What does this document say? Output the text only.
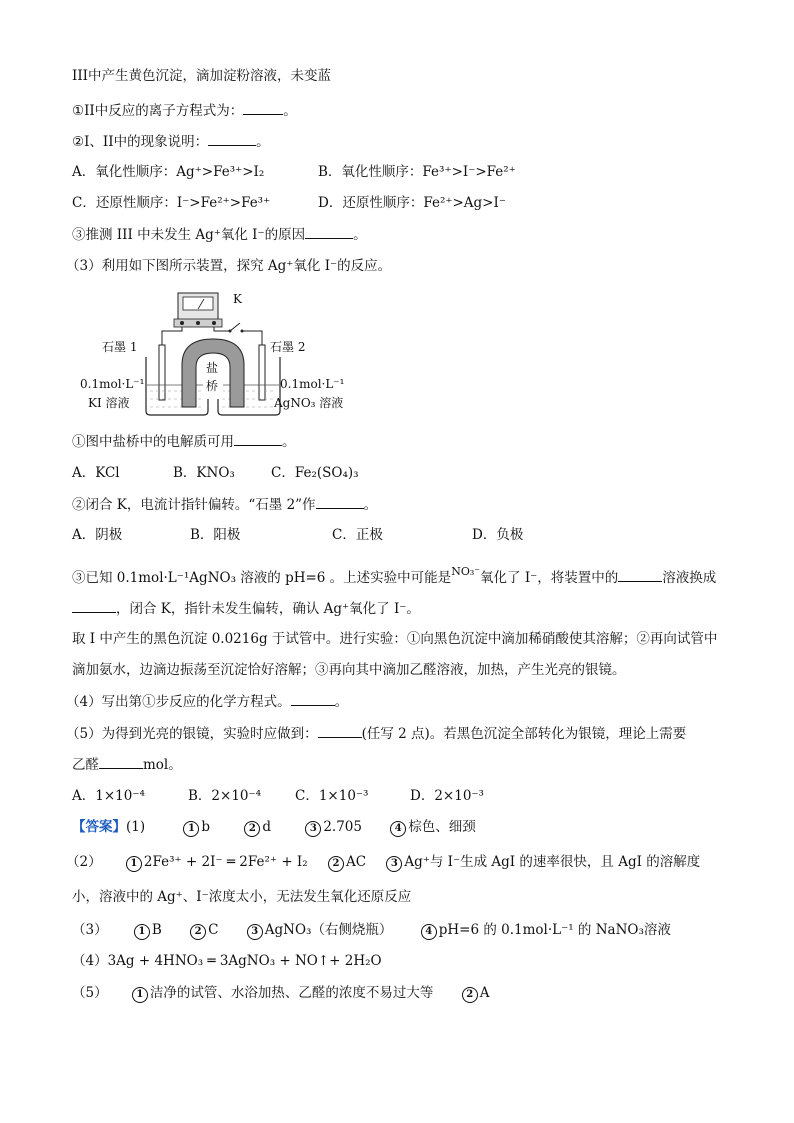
III中产生黄色沉淀，滴加淀粉溶液，未变蓝
①II中反应的离子方程式为：	。
②I、II中的现象说明：	。
A．氧化性顺序：Ag⁺>Fe³⁺>I₂	B．氧化性顺序：Fe³⁺>I⁻>Fe²⁺
C．还原性顺序：I⁻>Fe²⁺>Fe³⁺	D．还原性顺序：Fe²⁺>Ag>I⁻
③推测 III 中未发生 Ag⁺氧化 I⁻的原因	。
（3）利用如下图所示装置，探究 Ag⁺氧化 I⁻的反应。
K
石墨 1	石墨 2
盐
桥
0.1mol·L⁻¹
KI 溶液
0.1mol·L⁻¹
AgNO₃ 溶液
①图中盐桥中的电解质可用	。
A．KCl	B．KNO₃	C．Fe₂(SO₄)₃
②闭合 K，电流计指针偏转。“石墨 2”作	。
A．阴极	B．阳极	C．正极	D．负极
③已知 0.1mol·L⁻¹AgNO₃ 溶液的 pH=6 。上述实验中可能是$^{NO_3^-}$氧化了 I⁻，将装置中的	溶液换成
，闭合 K，指针未发生偏转，确认 Ag⁺氧化了 I⁻。
取 I 中产生的黑色沉淀 0.0216g 于试管中。进行实验：①向黑色沉淀中滴加稀硝酸使其溶解；②再向试管中
滴加氨水，边滴边振荡至沉淀恰好溶解；③再向其中滴加乙醛溶液，加热，产生光亮的银镜。
（4）写出第①步反应的化学方程式。	。
（5）为得到光亮的银镜，实验时应做到：	(任写 2 点)。若黑色沉淀全部转化为银镜，理论上需要
乙醛	mol。
A．1×10⁻⁴	B．2×10⁻⁴	C．1×10⁻³	D．2×10⁻³
【答案】(1)	1 b	2 d	3 2.705	4 棕色、细颈
（2）	1 2Fe³⁺ + 2I⁻ ═ 2Fe²⁺ + I₂ 2 AC 3 Ag⁺与 I⁻生成 AgI 的速率很快，且 AgI 的溶解度
小，溶液中的 Ag⁺、I⁻浓度太小，无法发生氧化还原反应
（3）	1 B	2 C	3 AgNO₃（右侧烧瓶）	4 pH=6 的 0.1mol·L⁻¹ 的 NaNO₃溶液
（4）3Ag + 4HNO₃ ═ 3AgNO₃ + NO↑+ 2H₂O
（5）	1 洁净的试管、水浴加热、乙醛的浓度不易过大等	2 A
